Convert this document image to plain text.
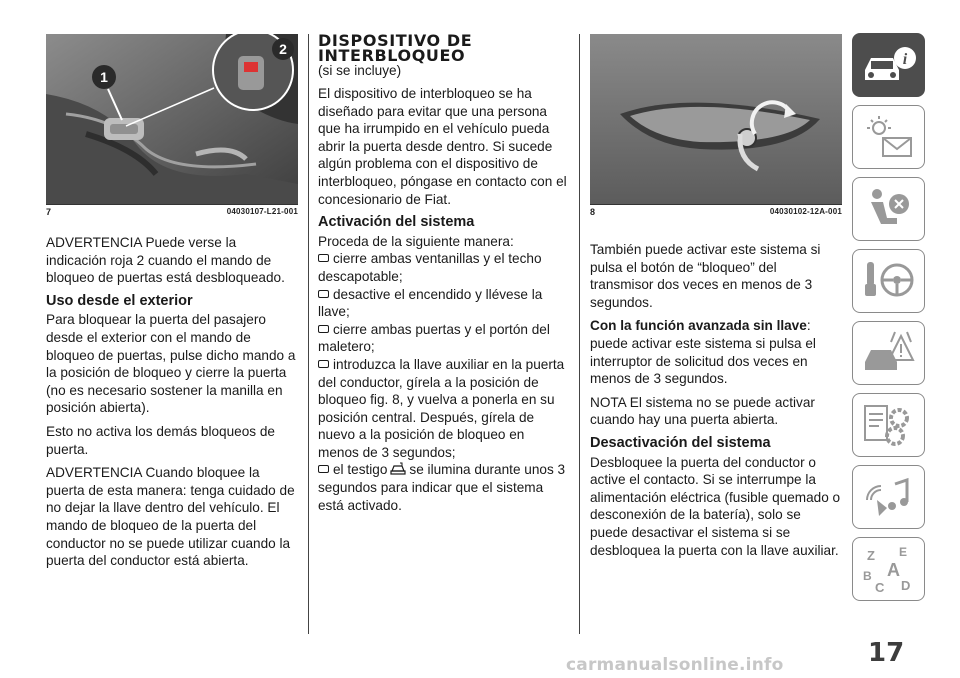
1
2
7	04030107-L21-001

ADVERTENCIA Puede verse la indicación roja 2 cuando el mando de bloqueo de puertas está desbloqueado.

Uso desde el exterior

Para bloquear la puerta del pasajero desde el exterior con el mando de bloqueo de puertas, pulse dicho mando a la posición de bloqueo y cierre la puerta (no es necesario sostener la manilla en posición abierta).

Esto no activa los demás bloqueos de puerta.

ADVERTENCIA Cuando bloquee la puerta de esta manera: tenga cuidado de no dejar la llave dentro del vehículo. El mando de bloqueo de la puerta del conductor no se puede utilizar cuando la puerta del conductor está abierta.

DISPOSITIVO DE
INTERBLOQUEO
(si se incluye)

El dispositivo de interbloqueo se ha diseñado para evitar que una persona que ha irrumpido en el vehículo pueda abrir la puerta desde dentro. Si sucede algún problema con el dispositivo de interbloqueo, póngase en contacto con el concesionario de Fiat.

Activación del sistema

Proceda de la siguiente manera:

cierre ambas ventanillas y el techo descapotable;

desactive el encendido y llévese la llave;

cierre ambas puertas y el portón del maletero;

introduzca la llave auxiliar en la puerta del conductor, gírela a la posición de bloqueo fig. 8, y vuelva a ponerla en su posición central. Después, gírela de nuevo a la posición de bloqueo en menos de 3 segundos;

el testigo se ilumina durante unos 3 segundos para indicar que el sistema está activado.

8	04030102-12A-001

También puede activar este sistema si pulsa el botón de “bloqueo” del transmisor dos veces en menos de 3 segundos.

Con la función avanzada sin llave: puede activar este sistema si pulsa el interruptor de solicitud dos veces en menos de 3 segundos.

NOTA El sistema no se puede activar cuando hay una puerta abierta.

Desactivación del sistema

Desbloquee la puerta del conductor o active el contacto. Si se interrumpe la alimentación eléctrica (fusible quemado o desconexión de la batería), solo se puede desactivar el sistema si se desbloquea la puerta con la llave auxiliar.

i
Z E
A
B
C D
17
carmanualsonline.info
